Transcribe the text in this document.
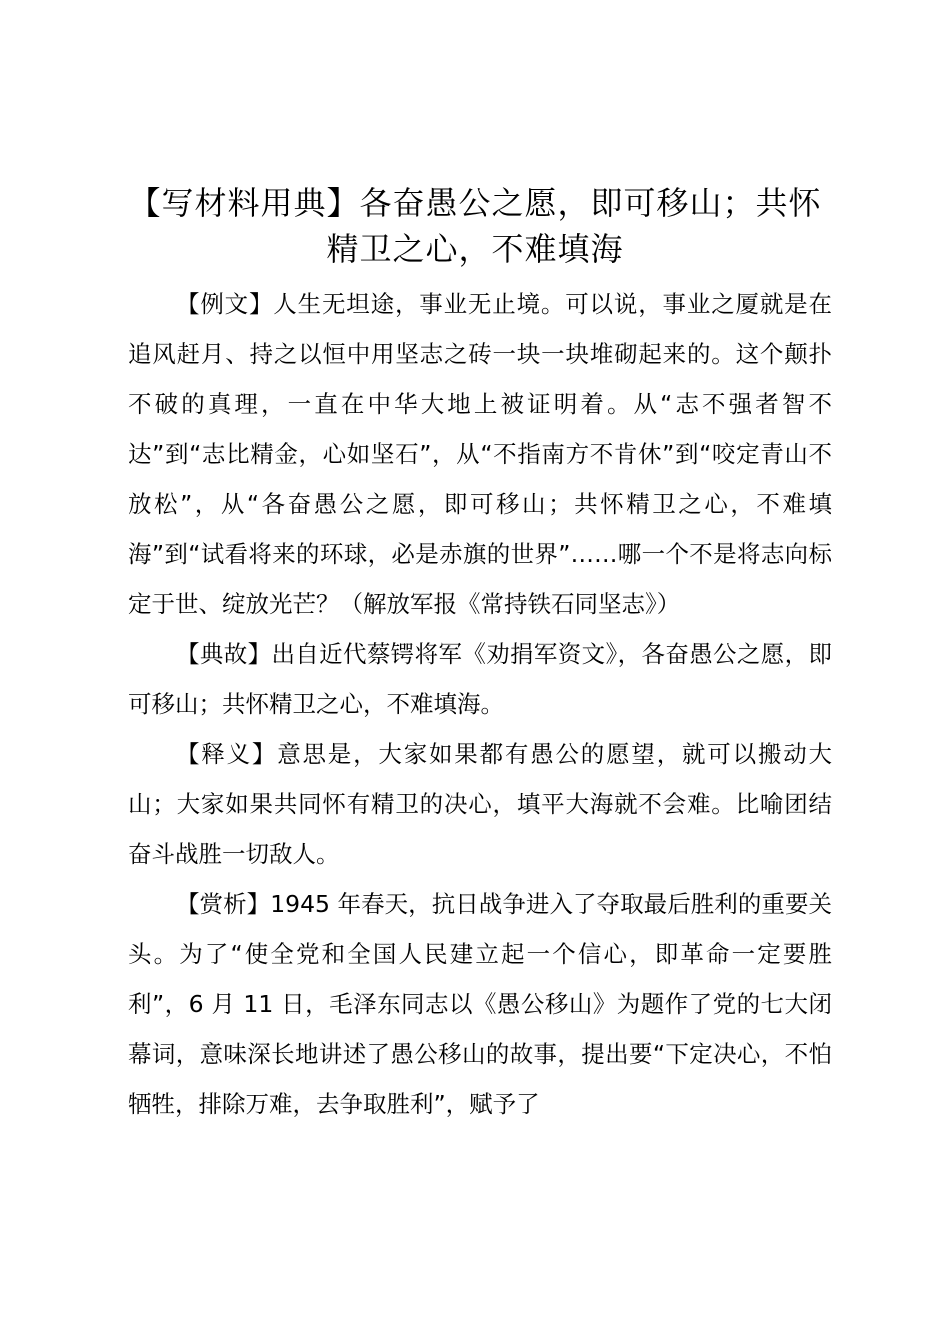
【写材料用典】各奋愚公之愿，即可移山；共怀精卫之心，不难填海

【例文】人生无坦途，事业无止境。可以说，事业之厦就是在追风赶月、持之以恒中用坚志之砖一块一块堆砌起来的。这个颠扑不破的真理，一直在中华大地上被证明着。从“志不强者智不达”到“志比精金，心如坚石”，从“不指南方不肯休”到“咬定青山不放松”，从“各奋愚公之愿，即可移山；共怀精卫之心，不难填海”到“试看将来的环球，必是赤旗的世界”……哪一个不是将志向标定于世、绽放光芒？（解放军报《常持铁石同坚志》）

【典故】出自近代蔡锷将军《劝捐军资文》，各奋愚公之愿，即可移山；共怀精卫之心，不难填海。

【释义】意思是，大家如果都有愚公的愿望，就可以搬动大山；大家如果共同怀有精卫的决心，填平大海就不会难。比喻团结奋斗战胜一切敌人。

【赏析】1945 年春天，抗日战争进入了夺取最后胜利的重要关头。为了“使全党和全国人民建立起一个信心，即革命一定要胜利”，6 月 11 日，毛泽东同志以《愚公移山》为题作了党的七大闭幕词，意味深长地讲述了愚公移山的故事，提出要“下定决心，不怕牺牲，排除万难，去争取胜利”，赋予了
